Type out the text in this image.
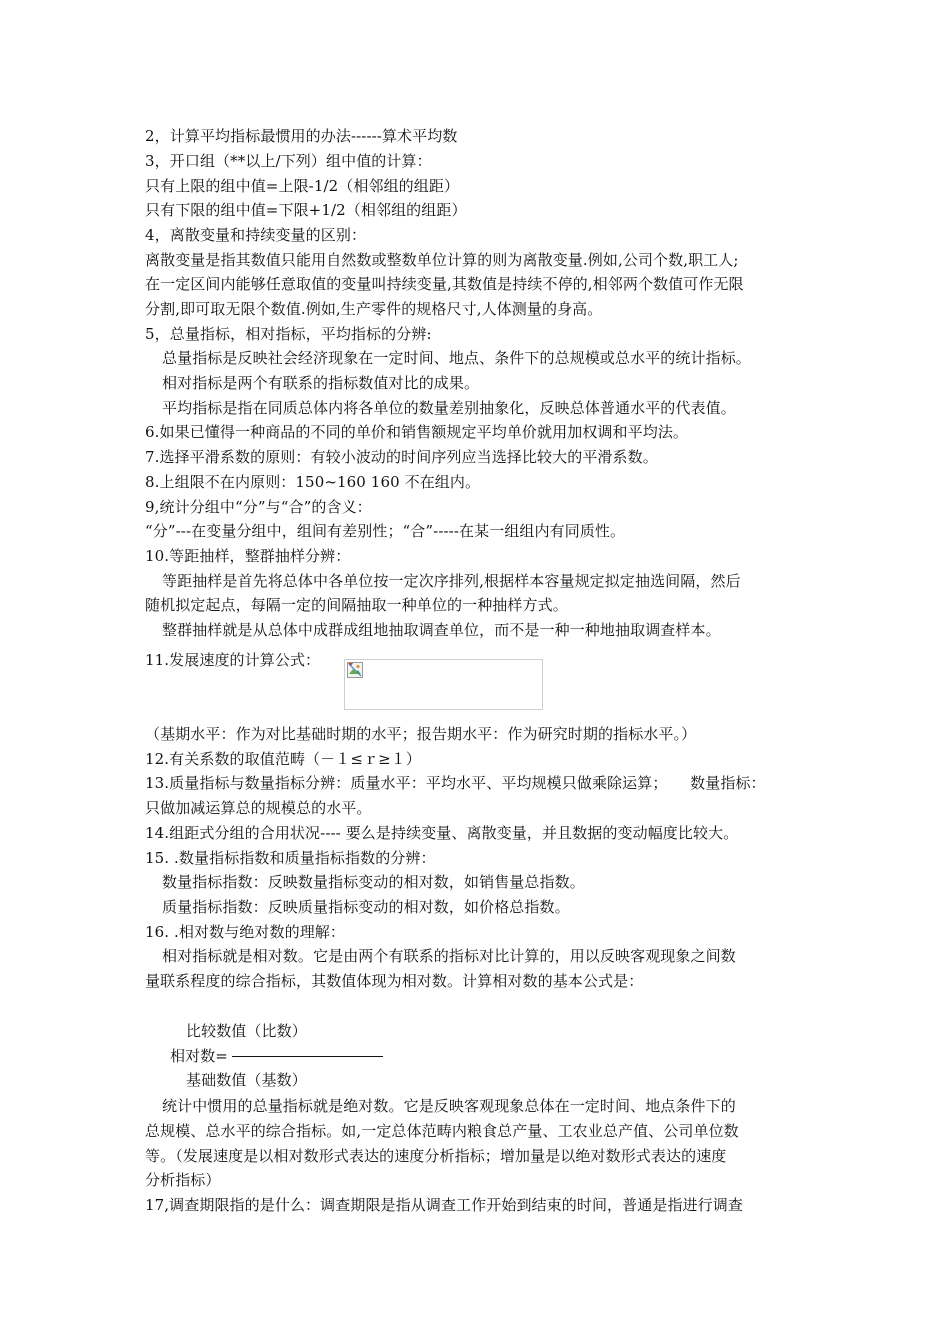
2，计算平均指标最惯用的办法------算术平均数
3，开口组（**以上/下列）组中值的计算：
只有上限的组中值=上限-1/2（相邻组的组距）
只有下限的组中值=下限+1/2（相邻组的组距）
4，离散变量和持续变量的区别：
离散变量是指其数值只能用自然数或整数单位计算的则为离散变量.例如,公司个数,职工人;
在一定区间内能够任意取值的变量叫持续变量,其数值是持续不停的,相邻两个数值可作无限
分割,即可取无限个数值.例如,生产零件的规格尺寸,人体测量的身高。
5，总量指标，相对指标，平均指标的分辨:
总量指标是反映社会经济现象在一定时间、地点、条件下的总规模或总水平的统计指标。
相对指标是两个有联系的指标数值对比的成果。
平均指标是指在同质总体内将各单位的数量差别抽象化，反映总体普通水平的代表值。
6.如果已懂得一种商品的不同的单价和销售额规定平均单价就用加权调和平均法。
7.选择平滑系数的原则：有较小波动的时间序列应当选择比较大的平滑系数。
8.上组限不在内原则：150~160 160 不在组内。
9,统计分组中“分”与“合”的含义：
“分”---在变量分组中，组间有差别性；“合”-----在某一组组内有同质性。
10.等距抽样，整群抽样分辨：
等距抽样是首先将总体中各单位按一定次序排列,根据样本容量规定拟定抽选间隔，然后
随机拟定起点，每隔一定的间隔抽取一种单位的一种抽样方式。
整群抽样就是从总体中成群成组地抽取调查单位，而不是一种一种地抽取调查样本。
11.发展速度的计算公式：
（基期水平：作为对比基础时期的水平；报告期水平：作为研究时期的指标水平。）
12.有关系数的取值范畴（－１≤ｒ≥１）
13.质量指标与数量指标分辨：质量水平：平均水平、平均规模只做乘除运算；　　数量指标：
只做加减运算总的规模总的水平。
14.组距式分组的合用状况---- 要么是持续变量、离散变量，并且数据的变动幅度比较大。
15. .数量指标指数和质量指标指数的分辨：
数量指标指数：反映数量指标变动的相对数，如销售量总指数。
质量指标指数：反映质量指标变动的相对数，如价格总指数。
16. .相对数与绝对数的理解：
相对指标就是相对数。它是由两个有联系的指标对比计算的，用以反映客观现象之间数
量联系程度的综合指标，其数值体现为相对数。计算相对数的基本公式是：
比较数值（比数）
相对数=
基础数值（基数）
统计中惯用的总量指标就是绝对数。它是反映客观现象总体在一定时间、地点条件下的
总规模、总水平的综合指标。如,一定总体范畴内粮食总产量、工农业总产值、公司单位数
等。（发展速度是以相对数形式表达的速度分析指标；增加量是以绝对数形式表达的速度
分析指标）
17,调查期限指的是什么：调查期限是指从调查工作开始到结束的时间，普通是指进行调查
